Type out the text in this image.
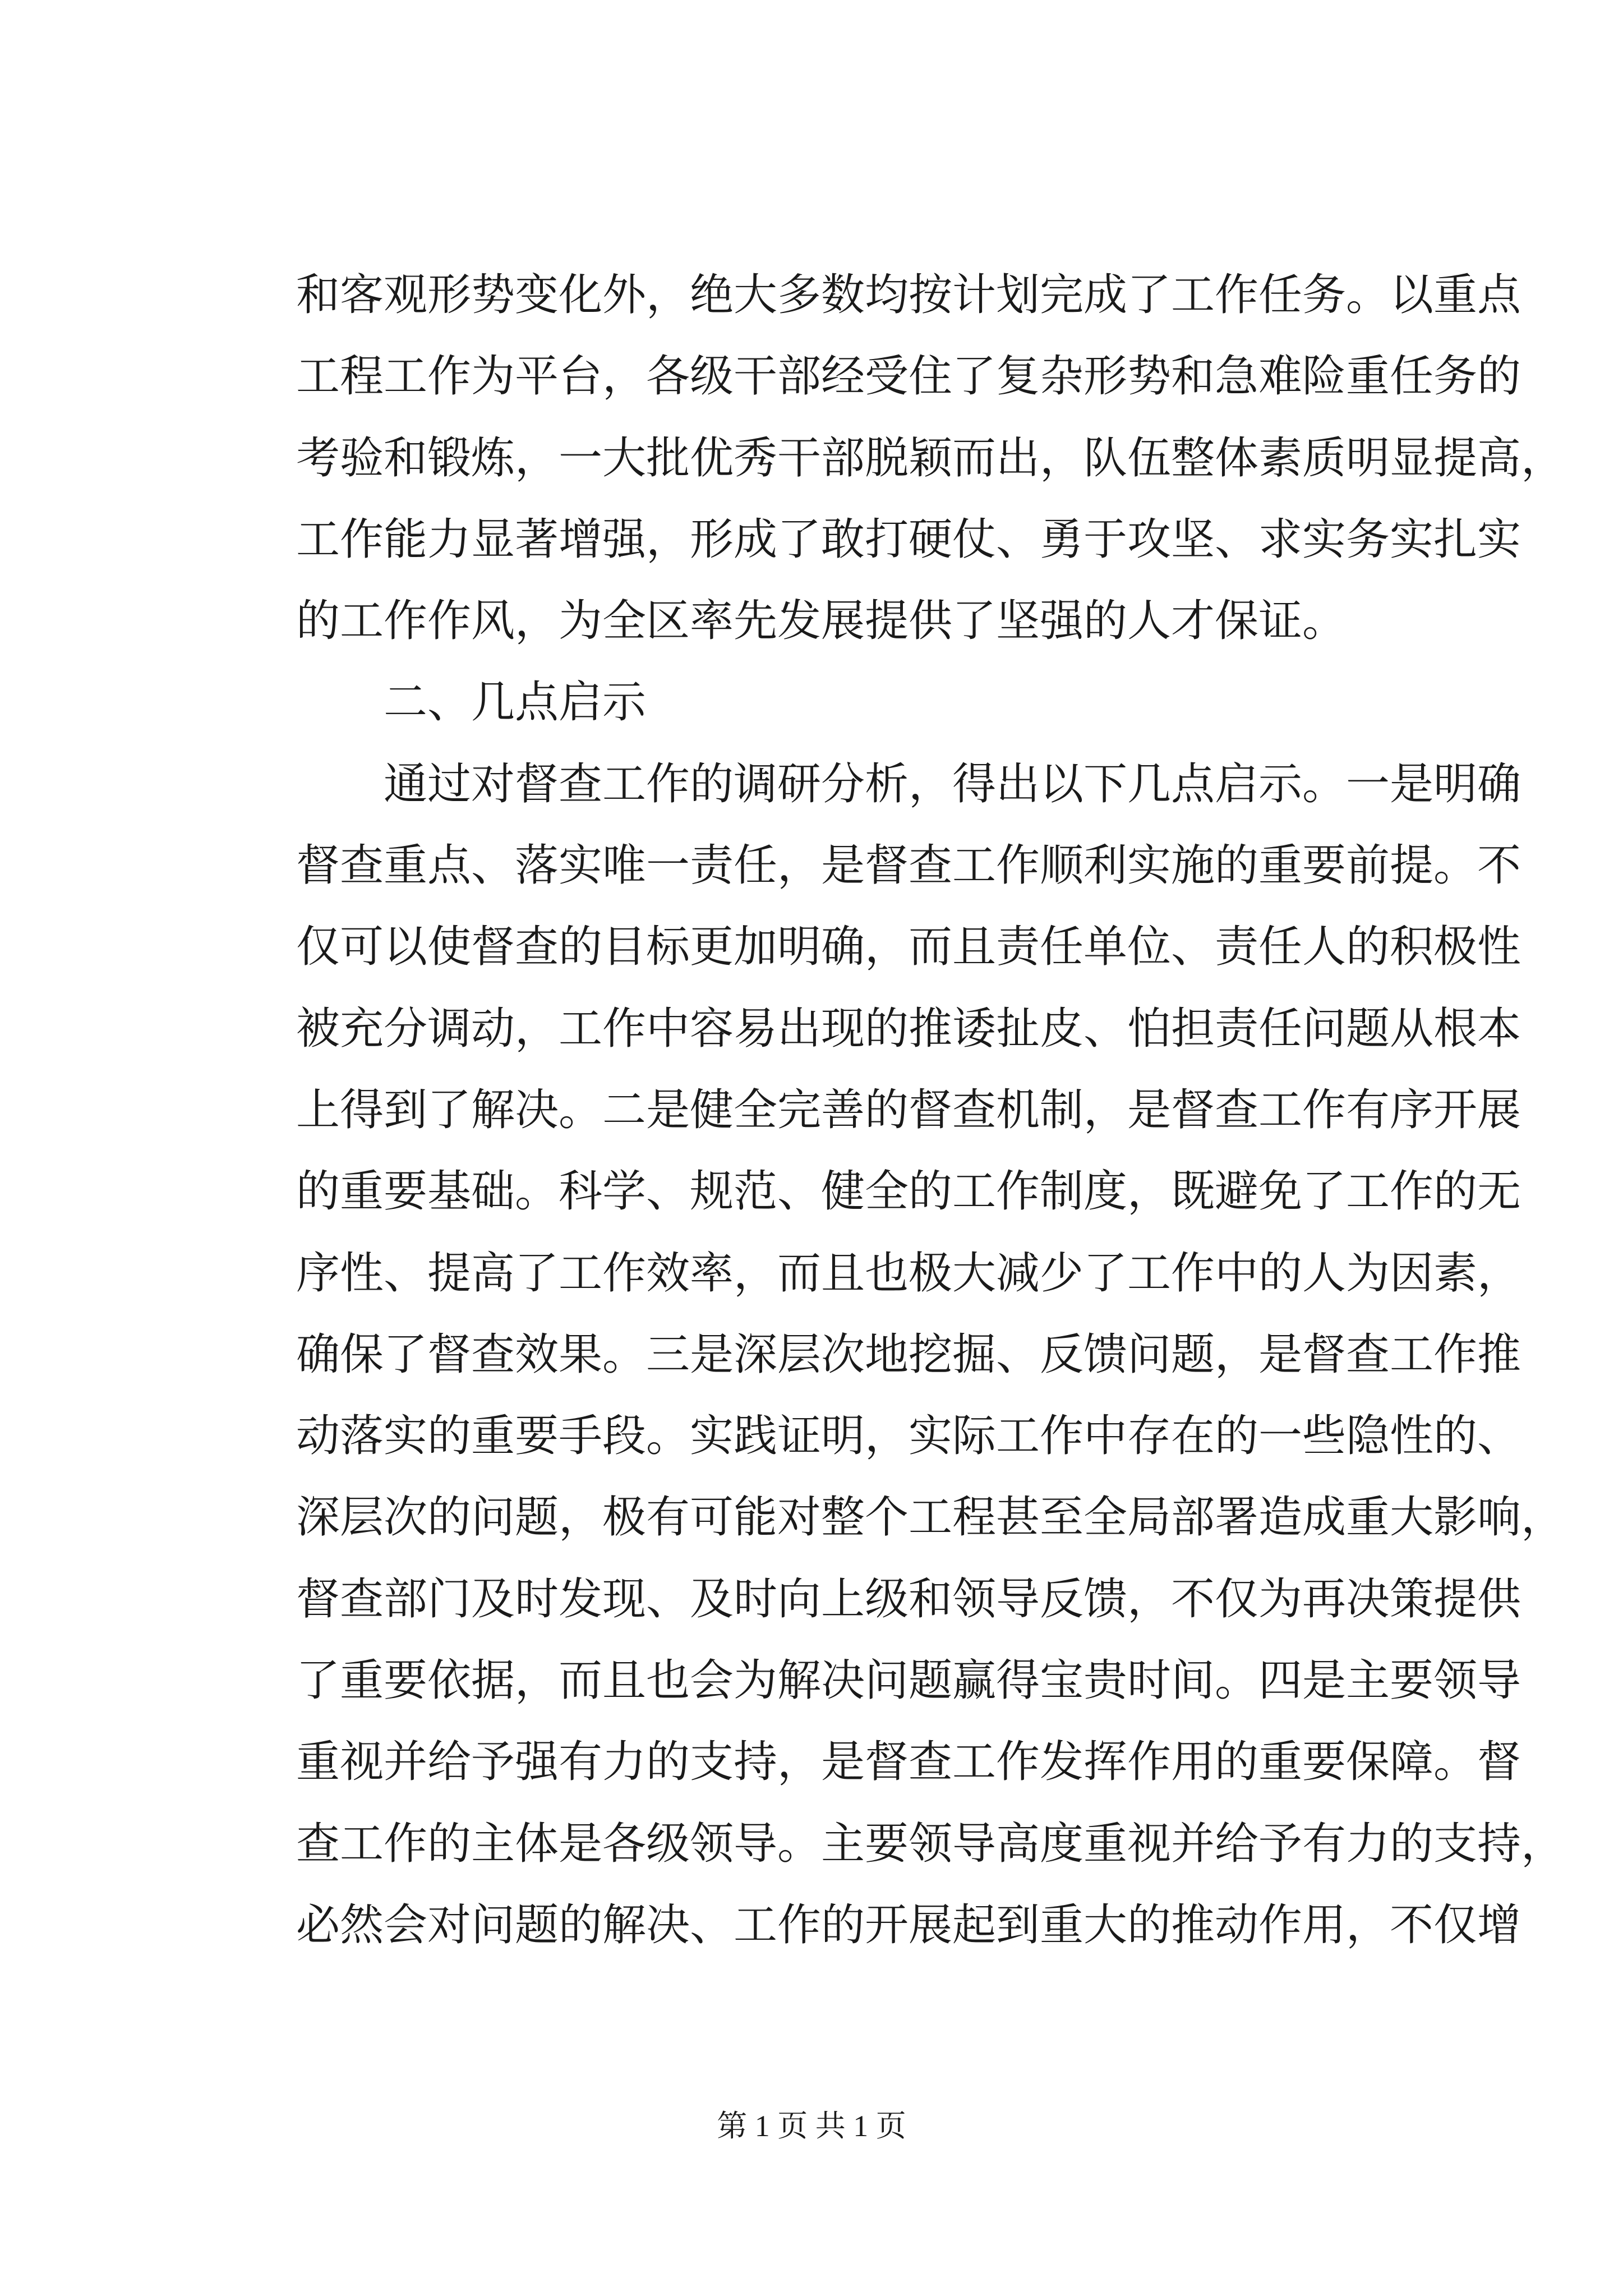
和客观形势变化外，绝大多数均按计划完成了工作任务。以重点
工程工作为平台，各级干部经受住了复杂形势和急难险重任务的
考验和锻炼，一大批优秀干部脱颖而出，队伍整体素质明显提高，
工作能力显著增强，形成了敢打硬仗、勇于攻坚、求实务实扎实
的工作作风，为全区率先发展提供了坚强的人才保证。
二、几点启示
通过对督查工作的调研分析，得出以下几点启示。一是明确
督查重点、落实唯一责任，是督查工作顺利实施的重要前提。不
仅可以使督查的目标更加明确，而且责任单位、责任人的积极性
被充分调动，工作中容易出现的推诿扯皮、怕担责任问题从根本
上得到了解决。二是健全完善的督查机制，是督查工作有序开展
的重要基础。科学、规范、健全的工作制度，既避免了工作的无
序性、提高了工作效率，而且也极大减少了工作中的人为因素，
确保了督查效果。三是深层次地挖掘、反馈问题，是督查工作推
动落实的重要手段。实践证明，实际工作中存在的一些隐性的、
深层次的问题，极有可能对整个工程甚至全局部署造成重大影响，
督查部门及时发现、及时向上级和领导反馈，不仅为再决策提供
了重要依据，而且也会为解决问题赢得宝贵时间。四是主要领导
重视并给予强有力的支持，是督查工作发挥作用的重要保障。督
查工作的主体是各级领导。主要领导高度重视并给予有力的支持，
必然会对问题的解决、工作的开展起到重大的推动作用，不仅增
第 1 页 共 1 页
